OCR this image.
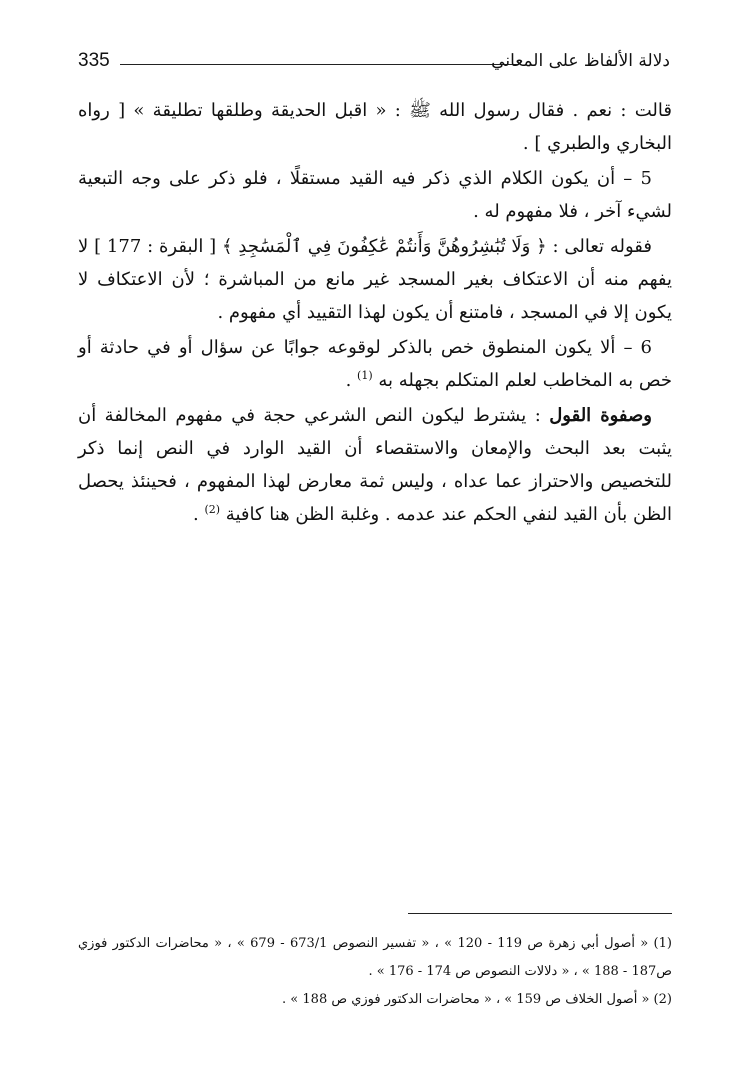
335	دلالة الألفاظ على المعاني

قالت : نعم . فقال رسول الله ﷺ : « اقبل الحديقة وطلقها تطليقة » [ رواه البخاري والطبري ] .

5 – أن يكون الكلام الذي ذكر فيه القيد مستقلًا ، فلو ذكر على وجه التبعية لشيء آخر ، فلا مفهوم له .

فقوله تعالى : ﴿ وَلَا تُبَٰشِرُوهُنَّ وَأَنتُمْ عَٰكِفُونَ فِي ٱلْمَسَٰجِدِ ﴾ [ البقرة : 177 ] لا يفهم منه أن الاعتكاف بغير المسجد غير مانع من المباشرة ؛ لأن الاعتكاف لا يكون إلا في المسجد ، فامتنع أن يكون لهذا التقييد أي مفهوم .

6 – ألا يكون المنطوق خص بالذكر لوقوعه جوابًا عن سؤال أو في حادثة أو خص به المخاطب لعلم المتكلم بجهله به $^{(1)}$ .

وصفوة القول : يشترط ليكون النص الشرعي حجة في مفهوم المخالفة أن يثبت بعد البحث والإمعان والاستقصاء أن القيد الوارد في النص إنما ذكر للتخصيص والاحتراز عما عداه ، وليس ثمة معارض لهذا المفهوم ، فحينئذ يحصل الظن بأن القيد لنفي الحكم عند عدمه . وغلبة الظن هنا كافية $^{(2)}$ .

(1) « أصول أبي زهرة ص 119 - 120 » ، « تفسير النصوص 673/1 - 679 » ، « محاضرات الدكتور فوزي ص187 - 188 » ، « دلالات النصوص ص 174 - 176 » .

(2) « أصول الخلاف ص 159 » ، « محاضرات الدكتور فوزي ص 188 » .
